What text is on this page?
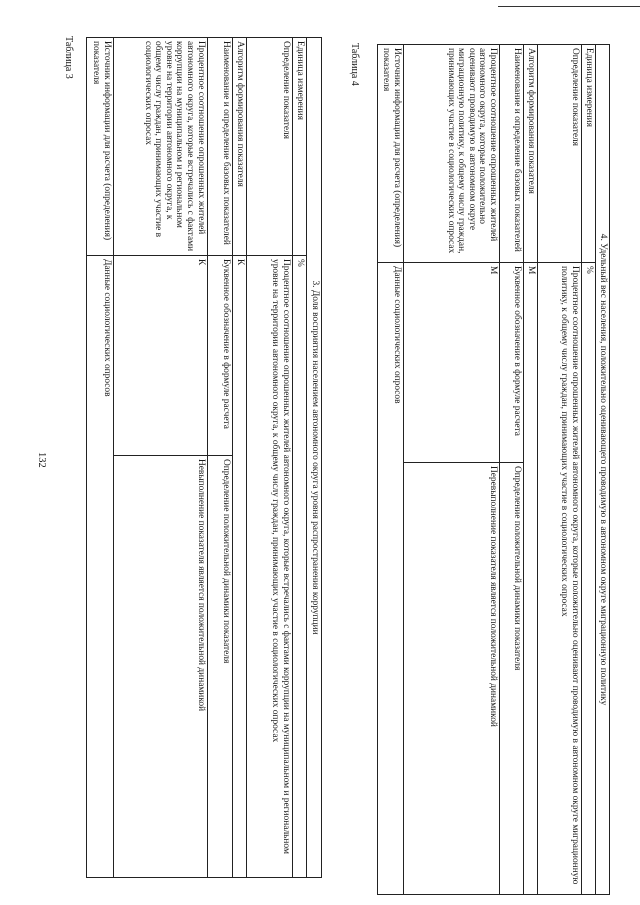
132
Таблица 3	Таблица 4
3. Доля восприятия населением автономного округа уровня распространения коррупции		
Единица измерения	%	
Определение показателя	Процентное соотношение опрошенных жителей автономного округа, которые встречались с фактами коррупции на муниципальном и региональном уровне на территории автономного округа, к общему числу граждан, принимающих участие в социологических опросах	
Алгоритм формирования показателя	К	
Наименование и определение базовых показателей	Буквенное обозначение в формуле расчета	Определение положительной динамики показателя
Процентное соотношение опрошенных жителей автономного округа, которые встречались с фактами коррупции на муниципальном и региональном уровне на территории автономного округа, к общему числу граждан, принимающих участие в социологических опросах	К	Невыполнение показателя является положительной динамикой
Источник информации для расчета (определения) показателя	Данные социологических опросов		4. Удельный вес населения, положительно оценивающего проводимую в автономном округе миграционную политику		
Единица измерения	%	
Определение показателя	Процентное соотношение опрошенных жителей автономного округа, которые положительно оценивают проводимую в автономном округе миграционную политику, к общему числу граждан, принимающих участие в социологических опросах	
Алгоритм формирования показателя	М	
Наименование и определение базовых показателей	Буквенное обозначение в формуле расчета	Определение положительной динамики показателя
Процентное соотношение опрошенных жителей автономного округа, которые положительно оценивают проводимую в автономном округе миграционную политику, к общему числу граждан, принимающих участие в социологических опросах	М	Перевыполнение показателя является положительной динамикой
Источник информации для расчета (определения) показателя	Данные социологических опросов	
